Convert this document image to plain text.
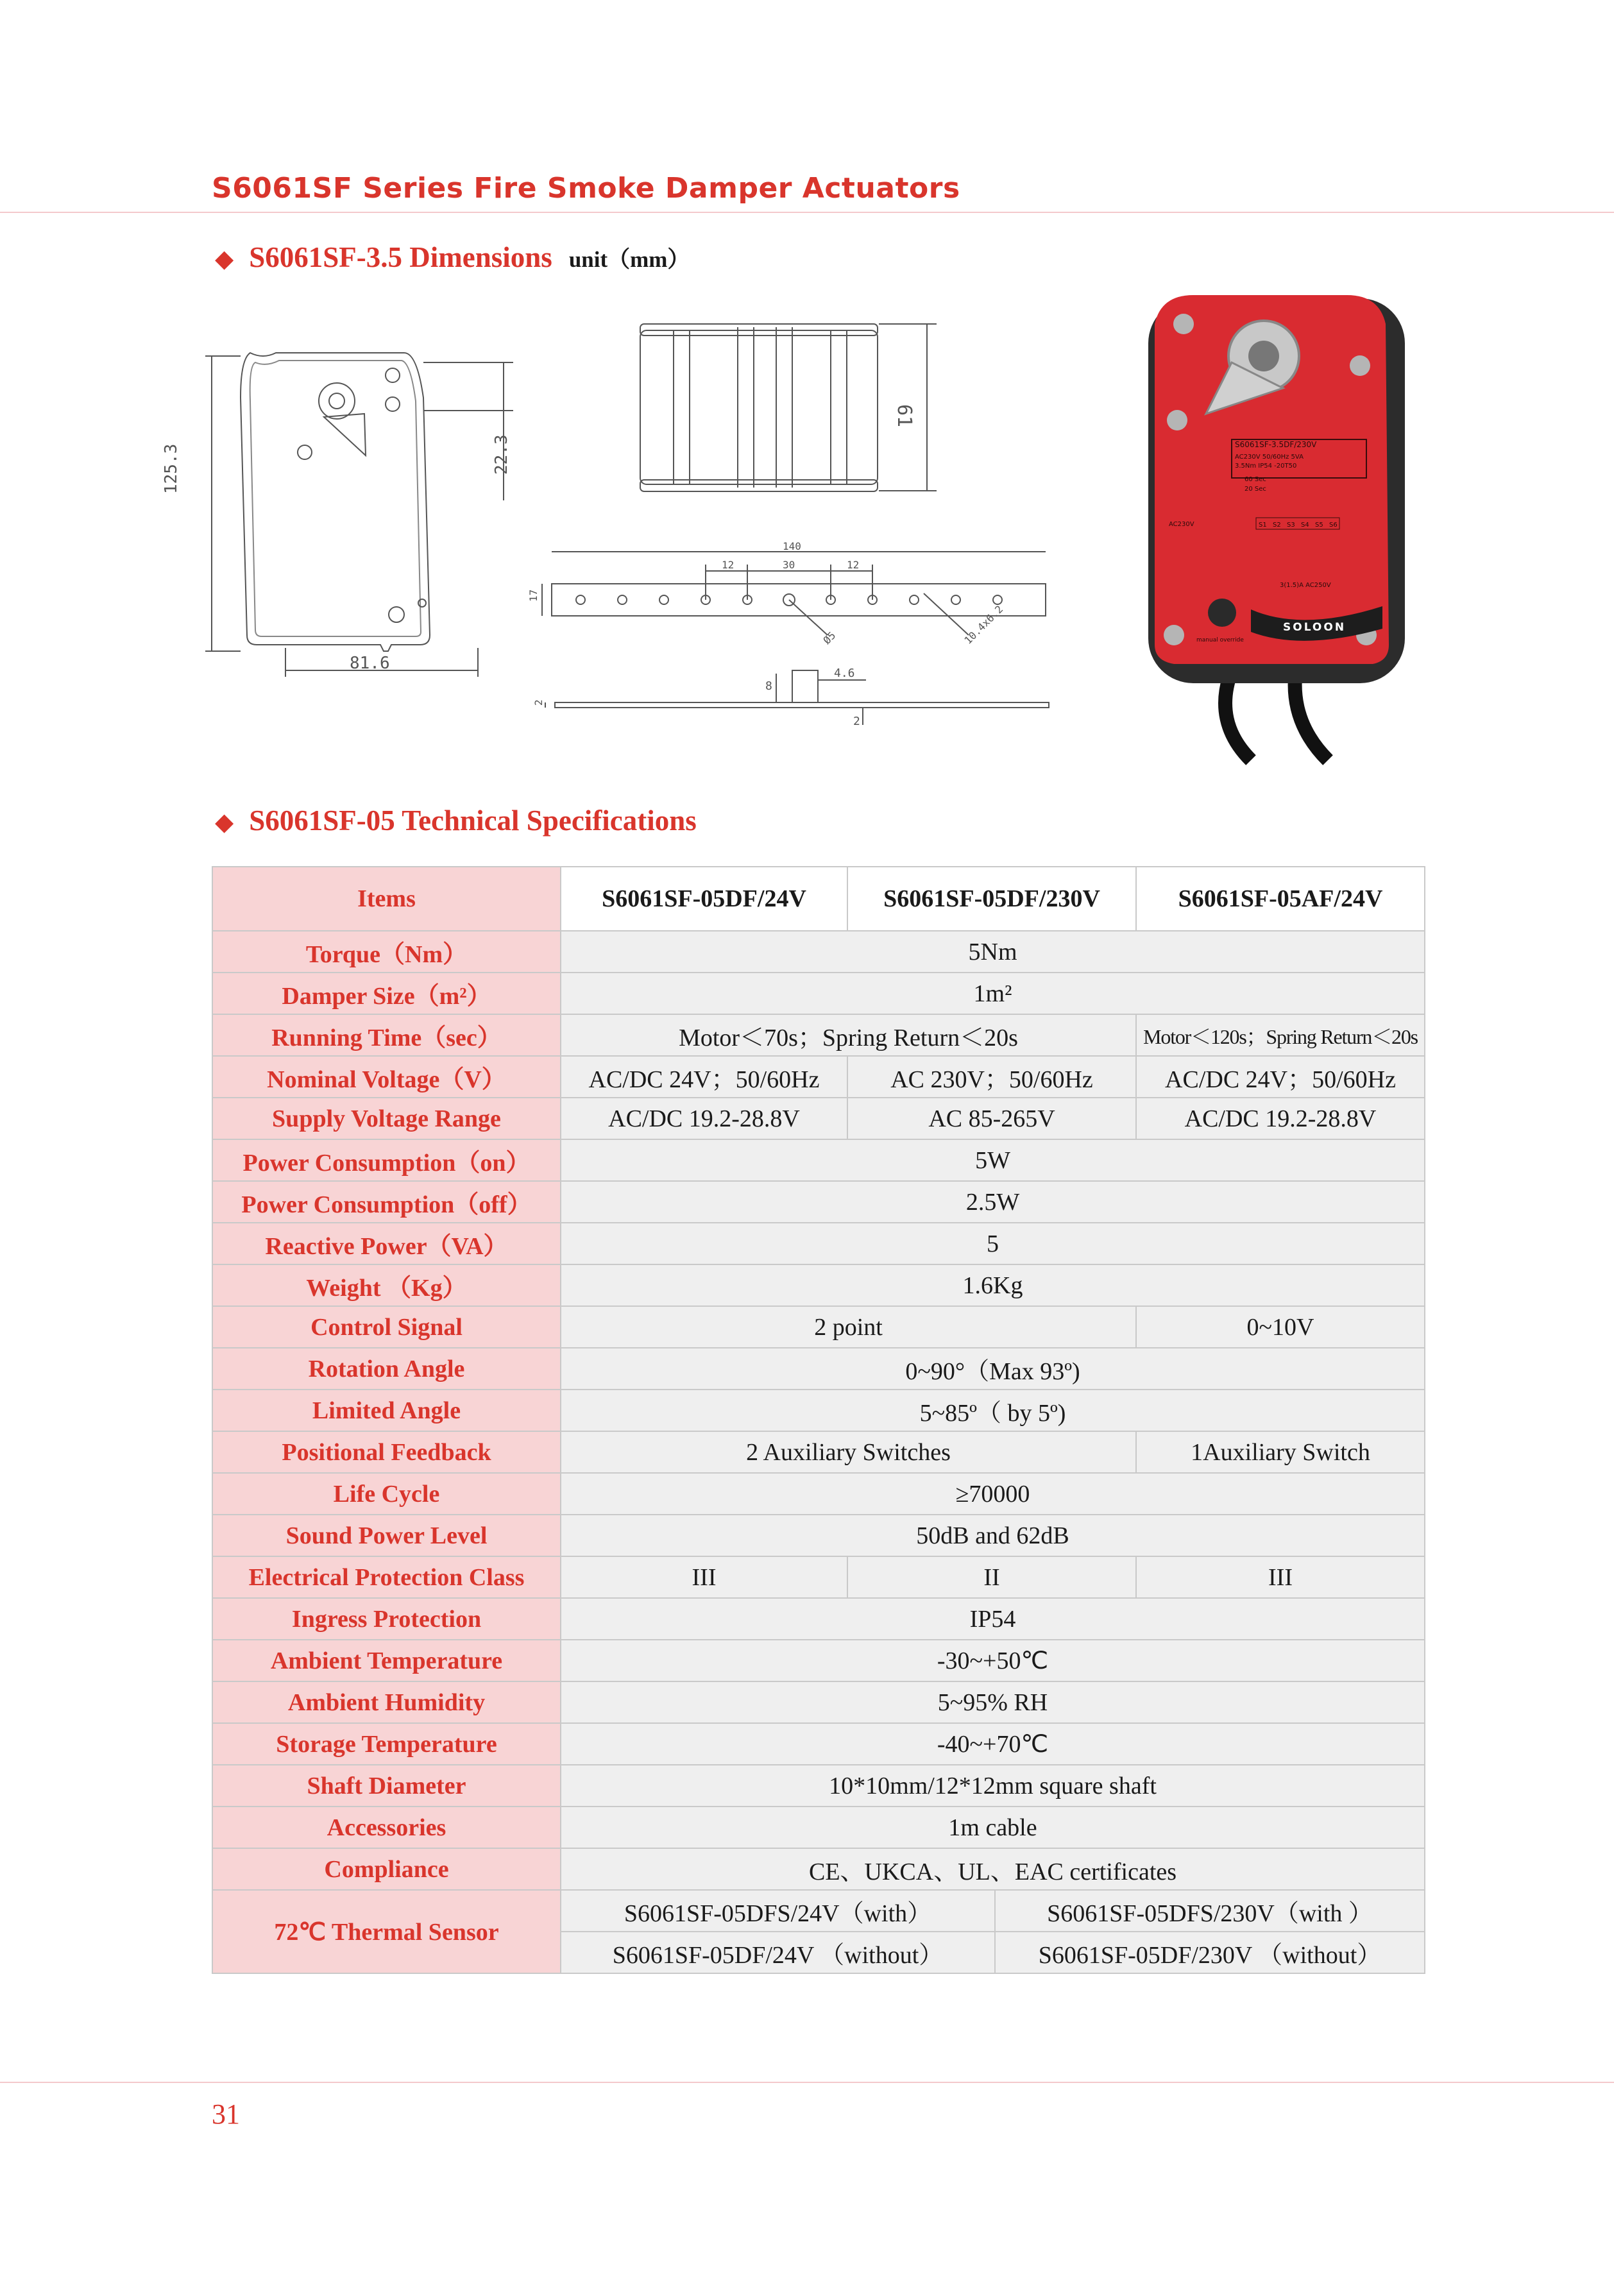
S6061SF Series Fire Smoke Damper Actuators
◆ S6061SF-3.5 Dimensions unit（mm）
125.3
81.6
22.3
61
140
12	30	12
17
Ø5	10.4x6.2
8
4.6
2
2
S6061SF-3.5DF/230V
AC230V 50/60Hz 5VA
3.5Nm IP54 -20T50
60 Sec
20 Sec
AC230V	S1 S2 S3 S4 S5 S6
3(1.5)A AC250V
manual override
SOLOON
◆ S6061SF-05 Technical Specifications
Items	S6061SF-05DF/24V	S6061SF-05DF/230V		S6061SF-05AF/24V
Torque（Nm）	5Nm			
Damper Size（m²）	1m²			
Running Time（sec）	Motor＜70s；Spring Return＜20s			Motor＜120s；Spring Return＜20s
Nominal Voltage（V）	AC/DC 24V；50/60Hz	AC 230V；50/60Hz		AC/DC 24V；50/60Hz
Supply Voltage Range	AC/DC 19.2-28.8V	AC 85-265V		AC/DC 19.2-28.8V
Power Consumption（on）	5W			
Power Consumption（off）	2.5W			
Reactive Power（VA）	5			
Weight （Kg）	1.6Kg			
Control Signal	2 point			0~10V
Rotation Angle	0~90°（Max 93º)			
Limited Angle	5~85º（ by 5º)			
Positional Feedback	2 Auxiliary Switches			1Auxiliary Switch
Life Cycle	≥70000			
Sound Power Level	50dB and 62dB			
Electrical Protection Class	III	II		III
Ingress Protection	IP54			
Ambient Temperature	-30~+50℃			
Ambient Humidity	5~95% RH			
Storage Temperature	-40~+70℃			
Shaft Diameter	10*10mm/12*12mm square shaft			
Accessories	1m cable			
Compliance	CE、UKCA、UL、EAC certificates			
72℃ Thermal Sensor	S6061SF-05DFS/24V（with）		S6061SF-05DFS/230V（with ）	
	S6061SF-05DF/24V （without）		S6061SF-05DF/230V （without）	
31
